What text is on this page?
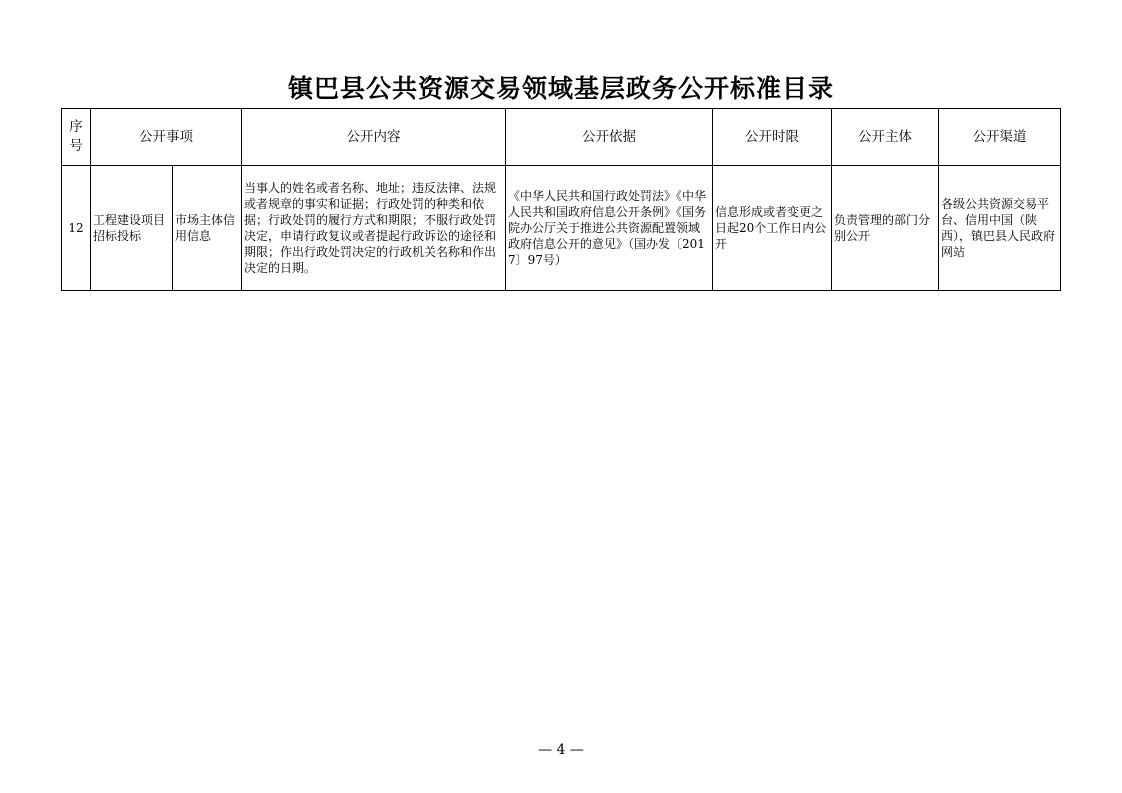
镇巴县公共资源交易领域基层政务公开标准目录
序号	公开事项		公开内容	公开依据	公开时限	公开主体	公开渠道
12	工程建设项目招标投标	市场主体信用信息	当事人的姓名或者名称、地址；违反法律、法规或者规章的事实和证据；行政处罚的种类和依据；行政处罚的履行方式和期限；不服行政处罚决定，申请行政复议或者提起行政诉讼的途径和期限；作出行政处罚决定的行政机关名称和作出决定的日期。	《中华人民共和国行政处罚法》《中华人民共和国政府信息公开条例》《国务院办公厅关于推进公共资源配置领域政府信息公开的意见》（国办发〔2017〕97号）	信息形成或者变更之日起20个工作日内公开	负责管理的部门分别公开	各级公共资源交易平台、信用中国（陕西），镇巴县人民政府网站
— 4 —
